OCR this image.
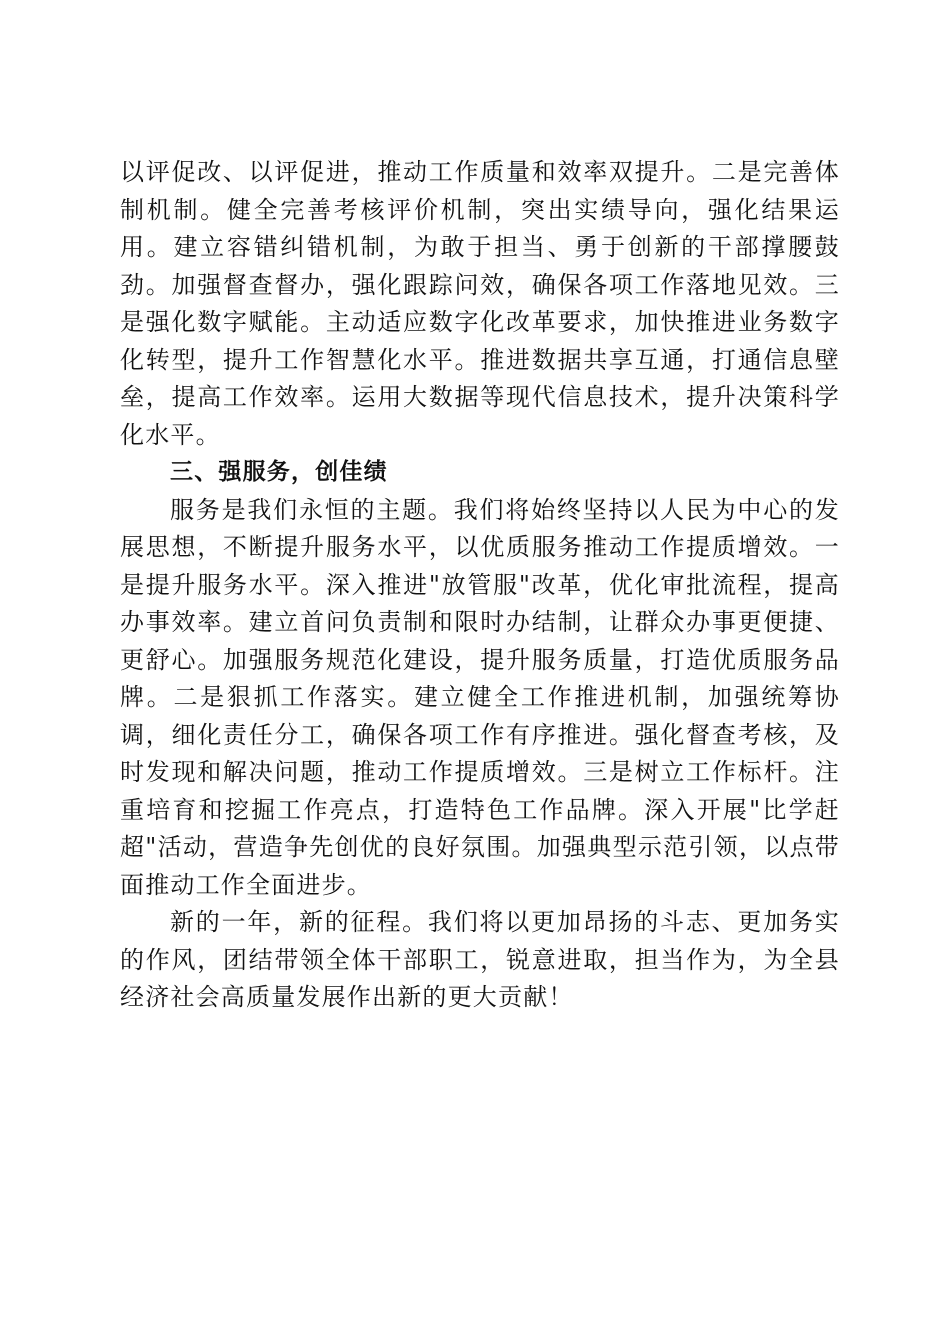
以评促改、以评促进，推动工作质量和效率双提升。二是完善体制机制。健全完善考核评价机制，突出实绩导向，强化结果运用。建立容错纠错机制，为敢于担当、勇于创新的干部撑腰鼓劲。加强督查督办，强化跟踪问效，确保各项工作落地见效。三是强化数字赋能。主动适应数字化改革要求，加快推进业务数字化转型，提升工作智慧化水平。推进数据共享互通，打通信息壁垒，提高工作效率。运用大数据等现代信息技术，提升决策科学化水平。

三、强服务，创佳绩

服务是我们永恒的主题。我们将始终坚持以人民为中心的发展思想，不断提升服务水平，以优质服务推动工作提质增效。一是提升服务水平。深入推进"放管服"改革，优化审批流程，提高办事效率。建立首问负责制和限时办结制，让群众办事更便捷、更舒心。加强服务规范化建设，提升服务质量，打造优质服务品牌。二是狠抓工作落实。建立健全工作推进机制，加强统筹协调，细化责任分工，确保各项工作有序推进。强化督查考核，及时发现和解决问题，推动工作提质增效。三是树立工作标杆。注重培育和挖掘工作亮点，打造特色工作品牌。深入开展"比学赶超"活动，营造争先创优的良好氛围。加强典型示范引领，以点带面推动工作全面进步。

新的一年，新的征程。我们将以更加昂扬的斗志、更加务实的作风，团结带领全体干部职工，锐意进取，担当作为，为全县经济社会高质量发展作出新的更大贡献！
